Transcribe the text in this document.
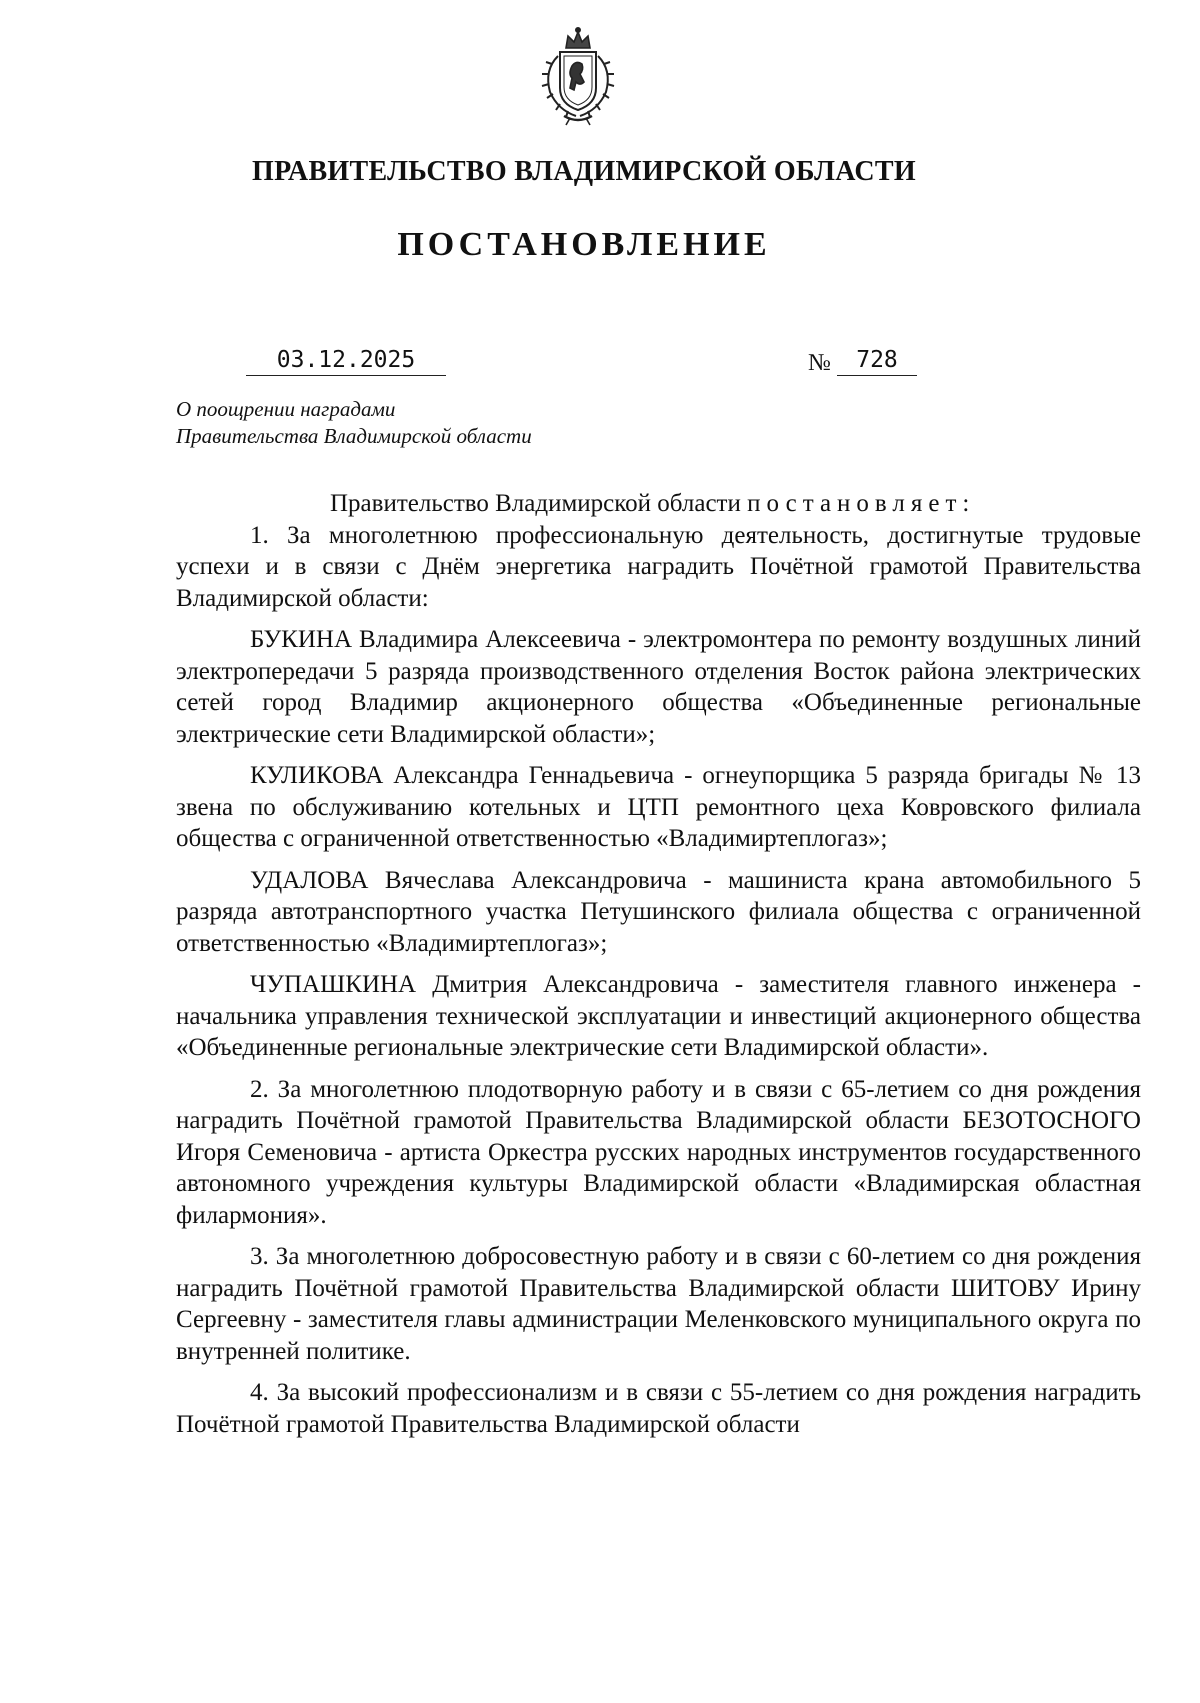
ПРАВИТЕЛЬСТВО ВЛАДИМИРСКОЙ ОБЛАСТИ
ПОСТАНОВЛЕНИЕ
03.12.2025	№	728
О поощрении наградами
Правительства Владимирской области

Правительство Владимирской области постановляет:

1. За многолетнюю профессиональную деятельность, достигнутые трудовые успехи и в связи с Днём энергетика наградить Почётной грамотой Правительства Владимирской области:

БУКИНА Владимира Алексеевича - электромонтера по ремонту воздушных линий электропередачи 5 разряда производственного отделения Восток района электрических сетей город Владимир акционерного общества «Объединенные региональные электрические сети Владимирской области»;

КУЛИКОВА Александра Геннадьевича - огнеупорщика 5 разряда бригады № 13 звена по обслуживанию котельных и ЦТП ремонтного цеха Ковровского филиала общества с ограниченной ответственностью «Владимиртеплогаз»;

УДАЛОВА Вячеслава Александровича - машиниста крана автомобильного 5 разряда автотранспортного участка Петушинского филиала общества с ограниченной ответственностью «Владимиртеплогаз»;

ЧУПАШКИНА Дмитрия Александровича - заместителя главного инженера - начальника управления технической эксплуатации и инвестиций акционерного общества «Объединенные региональные электрические сети Владимирской области».

2. За многолетнюю плодотворную работу и в связи с 65-летием со дня рождения наградить Почётной грамотой Правительства Владимирской области БЕЗОТОСНОГО Игоря Семеновича - артиста Оркестра русских народных инструментов государственного автономного учреждения культуры Владимирской области «Владимирская областная филармония».

3. За многолетнюю добросовестную работу и в связи с 60-летием со дня рождения наградить Почётной грамотой Правительства Владимирской области ШИТОВУ Ирину Сергеевну - заместителя главы администрации Меленковского муниципального округа по внутренней политике.

4. За высокий профессионализм и в связи с 55-летием со дня рождения наградить Почётной грамотой Правительства Владимирской области
